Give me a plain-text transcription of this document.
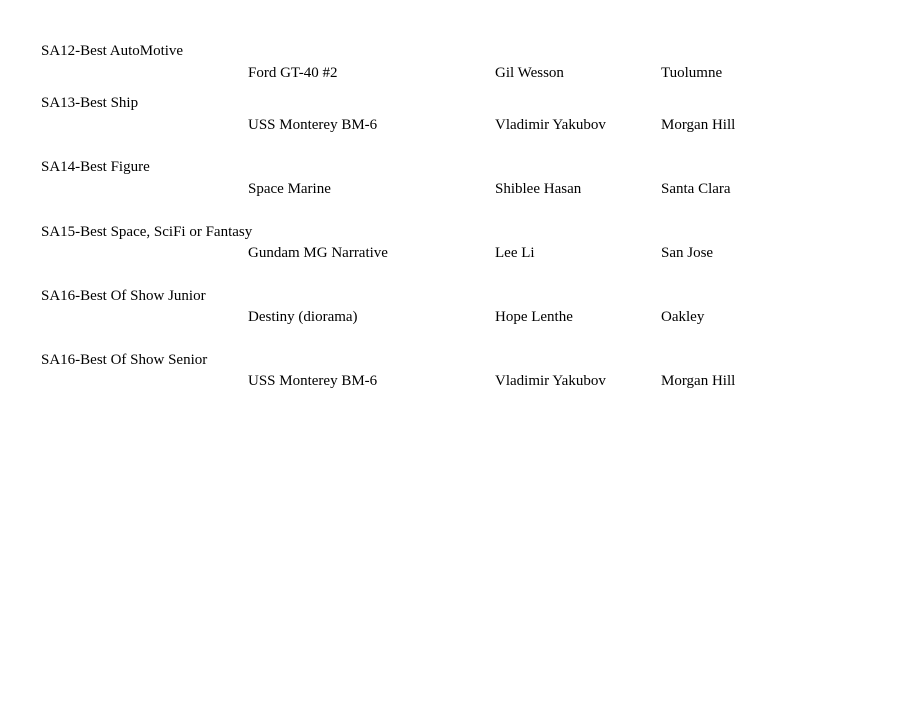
SA12-Best AutoMotive
Ford GT-40 #2	Gil Wesson	Tuolumne
SA13-Best Ship
USS Monterey BM-6	Vladimir Yakubov	Morgan Hill
SA14-Best Figure
Space Marine	Shiblee Hasan	Santa Clara
SA15-Best Space, SciFi or Fantasy
Gundam MG Narrative	Lee Li	San Jose
SA16-Best Of Show Junior
Destiny (diorama)	Hope Lenthe	Oakley
SA16-Best Of Show Senior
USS Monterey BM-6	Vladimir Yakubov	Morgan Hill
